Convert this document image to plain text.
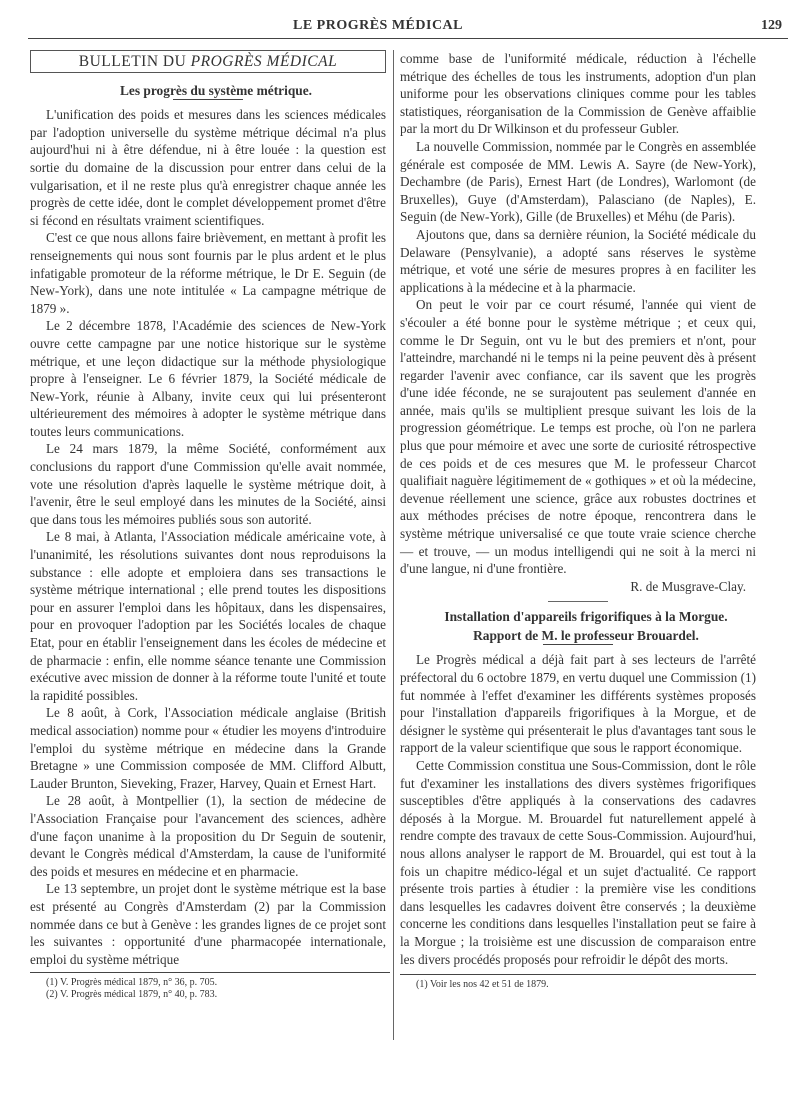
LE PROGRÈS MÉDICAL	129
BULLETIN DU PROGRÈS MÉDICAL

Les progrès du système métrique.

L'unification des poids et mesures dans les sciences médicales par l'adoption universelle du système métrique décimal n'a plus aujourd'hui ni à être défendue, ni à être louée : la question est sortie du domaine de la discussion pour entrer dans celui de la vulgarisation, et il ne reste plus qu'à enregistrer chaque année les progrès de cette idée, dont le complet développement promet d'être si fécond en résultats vraiment scientifiques.

C'est ce que nous allons faire brièvement, en mettant à profit les renseignements qui nous sont fournis par le plus ardent et le plus infatigable promoteur de la réforme métrique, le Dr E. Seguin (de New-York), dans une note intitulée « La campagne métrique de 1879 ».

Le 2 décembre 1878, l'Académie des sciences de New-York ouvre cette campagne par une notice historique sur le système métrique, et une leçon didactique sur la méthode physiologique propre à l'enseigner. Le 6 février 1879, la Société médicale de New-York, réunie à Albany, invite ceux qui lui présenteront ultérieurement des mémoires à adopter le système métrique dans toutes leurs communications.

Le 24 mars 1879, la même Société, conformément aux conclusions du rapport d'une Commission qu'elle avait nommée, vote une résolution d'après laquelle le système métrique doit, à l'avenir, être le seul employé dans les minutes de la Société, ainsi que dans tous les mémoires publiés sous son autorité.

Le 8 mai, à Atlanta, l'Association médicale américaine vote, à l'unanimité, les résolutions suivantes dont nous reproduisons la substance : elle adopte et emploiera dans ses transactions le système métrique international ; elle prend toutes les dispositions pour en assurer l'emploi dans les hôpitaux, dans les dispensaires, pour en provoquer l'adoption par les Sociétés locales de chaque Etat, pour en établir l'enseignement dans les écoles de médecine et de pharmacie : enfin, elle nomme séance tenante une Commission exécutive avec mission de donner à la réforme toute l'unité et toute la rapidité possibles.

Le 8 août, à Cork, l'Association médicale anglaise (British medical association) nomme pour « étudier les moyens d'introduire l'emploi du système métrique en médecine dans la Grande Bretagne » une Commission composée de MM. Clifford Albutt, Lauder Brunton, Sieveking, Frazer, Harvey, Quain et Ernest Hart.

Le 28 août, à Montpellier (1), la section de médecine de l'Association Française pour l'avancement des sciences, adhère d'une façon unanime à la proposition du Dr Seguin de soutenir, devant le Congrès médical d'Amsterdam, la cause de l'uniformité des poids et mesures en médecine et en pharmacie.

Le 13 septembre, un projet dont le système métrique est la base est présenté au Congrès d'Amsterdam (2) par la Commission nommée dans ce but à Genève : les grandes lignes de ce projet sont les suivantes : opportunité d'une pharmacopée internationale, emploi du système métrique

(1) V. Progrès médical 1879, n° 36, p. 705.

(2) V. Progrès médical 1879, n° 40, p. 783.

comme base de l'uniformité médicale, réduction à l'échelle métrique des échelles de tous les instruments, adoption d'un plan uniforme pour les observations cliniques comme pour les tables statistiques, réorganisation de la Commission de Genève affaiblie par la mort du Dr Wilkinson et du professeur Gubler.

La nouvelle Commission, nommée par le Congrès en assemblée générale est composée de MM. Lewis A. Sayre (de New-York), Dechambre (de Paris), Ernest Hart (de Londres), Warlomont (de Bruxelles), Guye (d'Amsterdam), Palasciano (de Naples), E. Seguin (de New-York), Gille (de Bruxelles) et Méhu (de Paris).

Ajoutons que, dans sa dernière réunion, la Société médicale du Delaware (Pensylvanie), a adopté sans réserves le système métrique, et voté une série de mesures propres à en faciliter les applications à la médecine et à la pharmacie.

On peut le voir par ce court résumé, l'année qui vient de s'écouler a été bonne pour le système métrique ; et ceux qui, comme le Dr Seguin, ont vu le but des premiers et n'ont, pour l'atteindre, marchandé ni le temps ni la peine peuvent dès à présent regarder l'avenir avec confiance, car ils savent que les progrès d'une idée féconde, ne se surajoutent pas seulement d'année en année, mais qu'ils se multiplient presque suivant les lois de la progression géométrique. Le temps est proche, où l'on ne parlera plus que pour mémoire et avec une sorte de curiosité rétrospective de ces poids et de ces mesures que M. le professeur Charcot qualifiait naguère légitimement de « gothiques » et où la médecine, devenue réellement une science, grâce aux robustes doctrines et aux méthodes précises de notre époque, rencontrera dans le système métrique universalisé ce que toute vraie science cherche — et trouve, — un modus intelligendi qui ne soit à la merci ni d'une langue, ni d'une frontière.

R. de Musgrave-Clay.

Installation d'appareils frigorifiques à la Morgue.

Rapport de M. le professeur Brouardel.

Le Progrès médical a déjà fait part à ses lecteurs de l'arrêté préfectoral du 6 octobre 1879, en vertu duquel une Commission (1) fut nommée à l'effet d'examiner les différents systèmes proposés pour l'installation d'appareils frigorifiques à la Morgue, et de désigner le système qui présenterait le plus d'avantages tant sous le rapport de la valeur scientifique que sous le rapport économique.

Cette Commission constitua une Sous-Commission, dont le rôle fut d'examiner les installations des divers systèmes frigorifiques susceptibles d'être appliqués à la conservations des cadavres déposés à la Morgue. M. Brouardel fut naturellement appelé à rendre compte des travaux de cette Sous-Commission. Aujourd'hui, nous allons analyser le rapport de M. Brouardel, qui est tout à la fois un chapitre médico-légal et un sujet d'actualité. Ce rapport présente trois parties à étudier : la première vise les conditions dans lesquelles les cadavres doivent être conservés ; la deuxième concerne les conditions dans lesquelles l'installation peut se faire à la Morgue ; la troisième est une discussion de comparaison entre les divers procédés proposés pour refroidir le dépôt des morts.

(1) Voir les nos 42 et 51 de 1879.
